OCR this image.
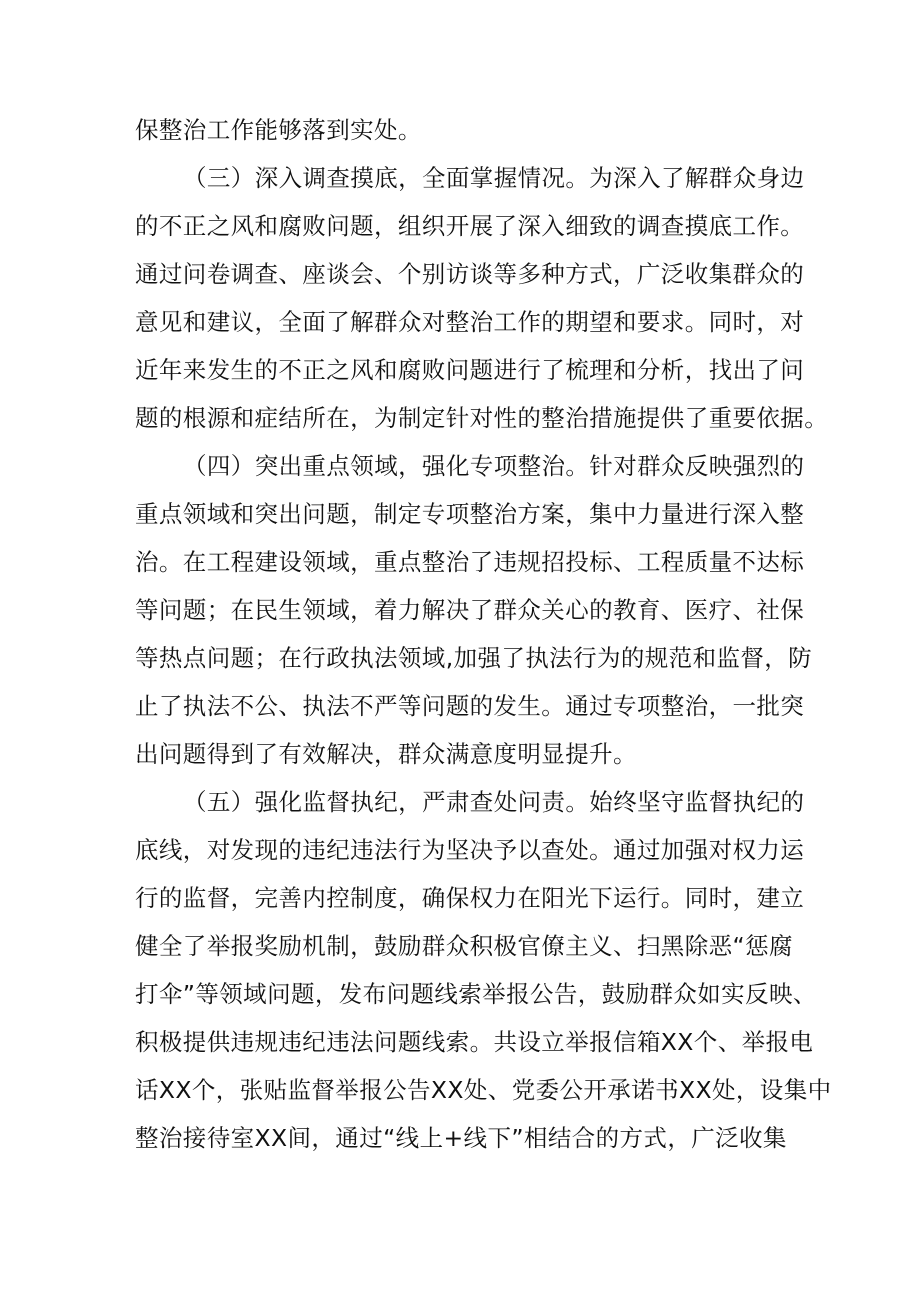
保整治工作能够落到实处。
（三）深入调查摸底，全面掌握情况。为深入了解群众身边
的不正之风和腐败问题，组织开展了深入细致的调查摸底工作。
通过问卷调查、座谈会、个别访谈等多种方式，广泛收集群众的
意见和建议，全面了解群众对整治工作的期望和要求。同时，对
近年来发生的不正之风和腐败问题进行了梳理和分析，找出了问
题的根源和症结所在，为制定针对性的整治措施提供了重要依据。
（四）突出重点领域，强化专项整治。针对群众反映强烈的
重点领域和突出问题，制定专项整治方案，集中力量进行深入整
治。在工程建设领域，重点整治了违规招投标、工程质量不达标
等问题；在民生领域，着力解决了群众关心的教育、医疗、社保
等热点问题；在行政执法领域,加强了执法行为的规范和监督，防
止了执法不公、执法不严等问题的发生。通过专项整治，一批突
出问题得到了有效解决，群众满意度明显提升。
（五）强化监督执纪，严肃查处问责。始终坚守监督执纪的
底线，对发现的违纪违法行为坚决予以查处。通过加强对权力运
行的监督，完善内控制度，确保权力在阳光下运行。同时，建立
健全了举报奖励机制，鼓励群众积极官僚主义、扫黑除恶“惩腐
打伞”等领域问题，发布问题线索举报公告，鼓励群众如实反映、
积极提供违规违纪违法问题线索。共设立举报信箱XX个、举报电
话XX个，张贴监督举报公告XX处、党委公开承诺书XX处，设集中
整治接待室XX间，通过“线上+线下”相结合的方式，广泛收集
